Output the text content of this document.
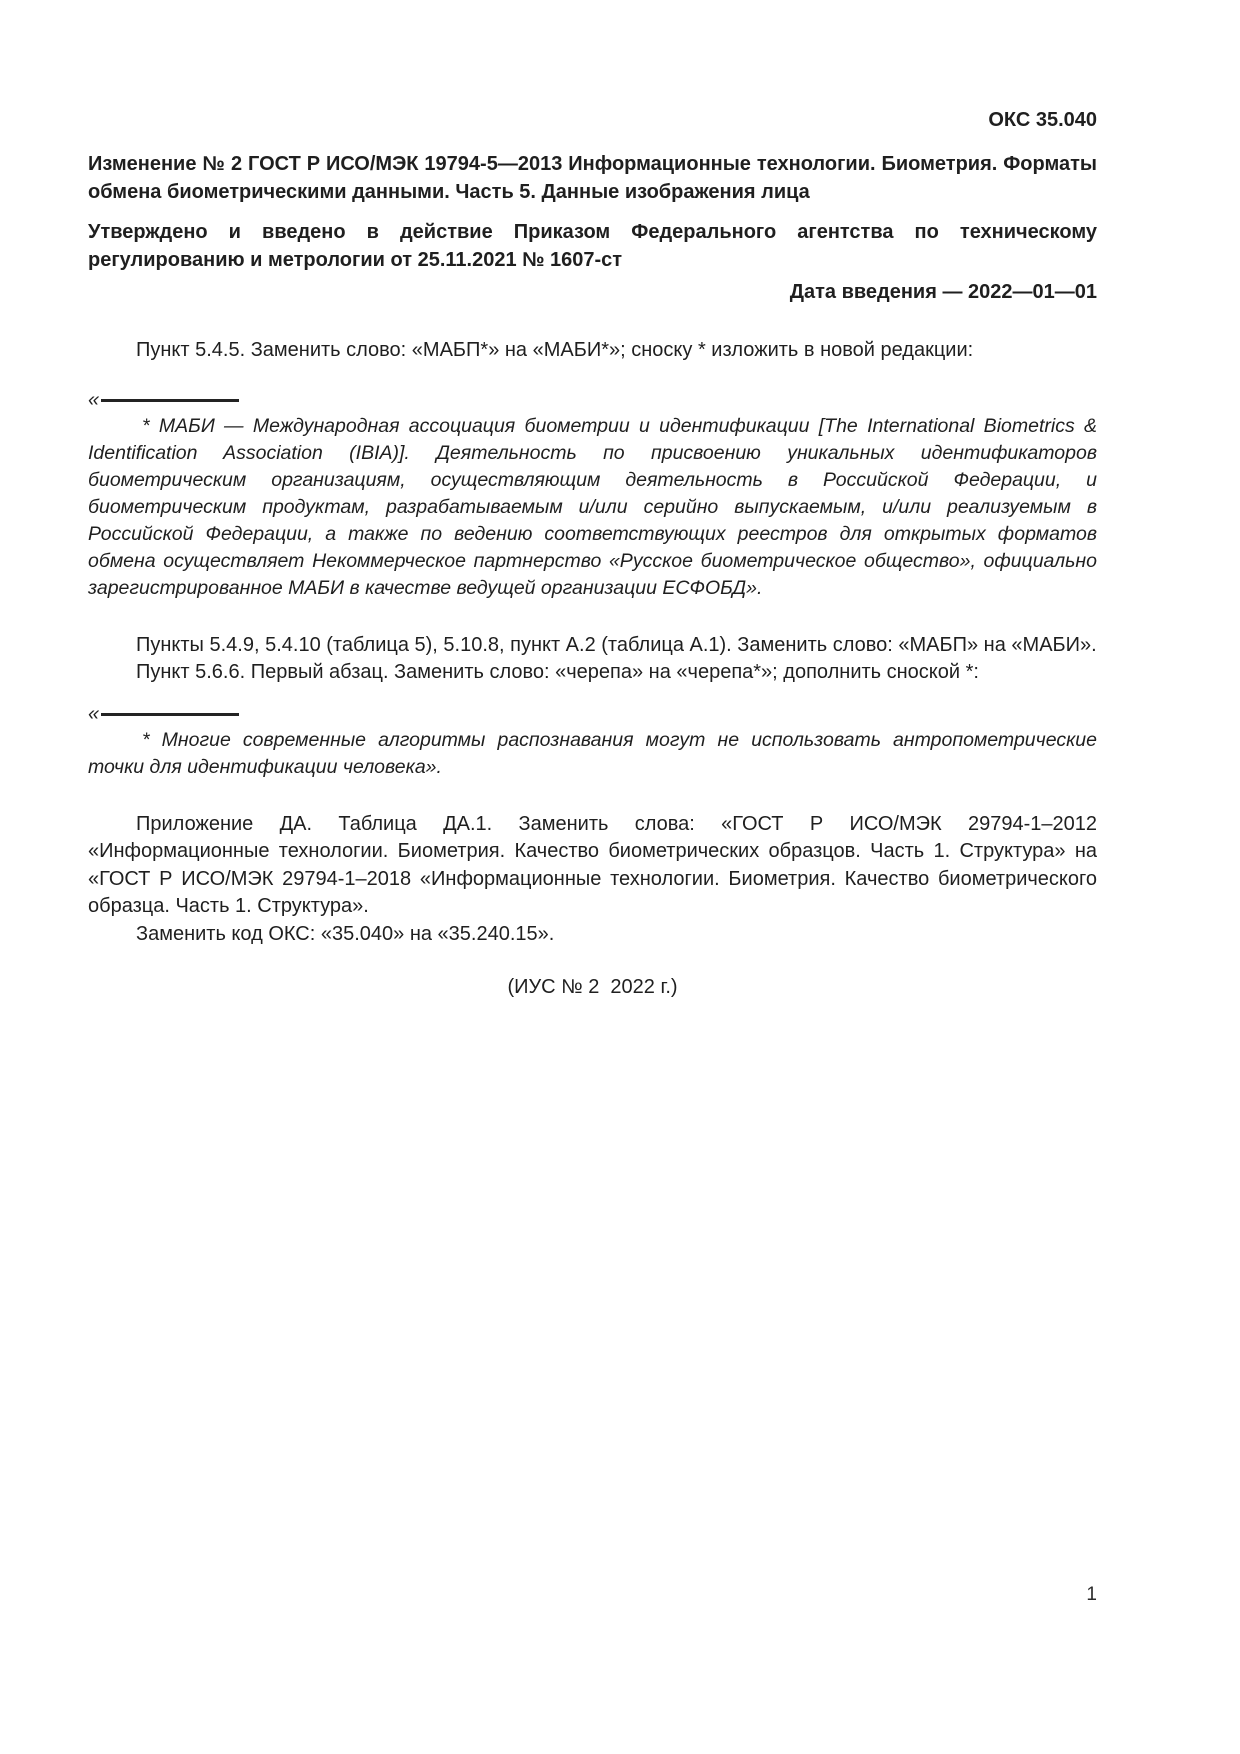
ОКС 35.040

Изменение № 2 ГОСТ Р ИСО/МЭК 19794-5—2013 Информационные технологии. Биометрия. Форматы обмена биометрическими данными. Часть 5. Данные изображения лица

Утверждено и введено в действие Приказом Федерального агентства по техническому регулированию и метрологии от 25.11.2021 № 1607-ст

Дата введения — 2022—01—01

Пункт 5.4.5. Заменить слово: «МАБП*» на «МАБИ*»; сноску * изложить в новой редакции:

«

* МАБИ — Международная ассоциация биометрии и идентификации [The International Biometrics & Identification Association (IBIA)]. Деятельность по присвоению уникальных идентификаторов биометрическим организациям, осуществляющим деятельность в Российской Федерации, и биометрическим продуктам, разрабатываемым и/или серийно выпускаемым, и/или реализуемым в Российской Федерации, а также по ведению соответствующих реестров для открытых форматов обмена осуществляет Некоммерческое партнерство «Русское биометрическое общество», официально зарегистрированное МАБИ в качестве ведущей организации ЕСФОБД».

Пункты 5.4.9, 5.4.10 (таблица 5), 5.10.8, пункт А.2 (таблица А.1). Заменить слово: «МАБП» на «МАБИ».

Пункт 5.6.6. Первый абзац. Заменить слово: «черепа» на «черепа*»; дополнить сноской *:

«

* Многие современные алгоритмы распознавания могут не использовать антропометрические точки для идентификации человека».

Приложение ДА. Таблица ДА.1. Заменить слова: «ГОСТ Р ИСО/МЭК 29794-1–2012 «Информационные технологии. Биометрия. Качество биометрических образцов. Часть 1. Структура» на «ГОСТ Р ИСО/МЭК 29794-1–2018 «Информационные технологии. Биометрия. Качество биометрического образца. Часть 1. Структура».

Заменить код ОКС: «35.040» на «35.240.15».

(ИУС № 2  2022 г.)

1
